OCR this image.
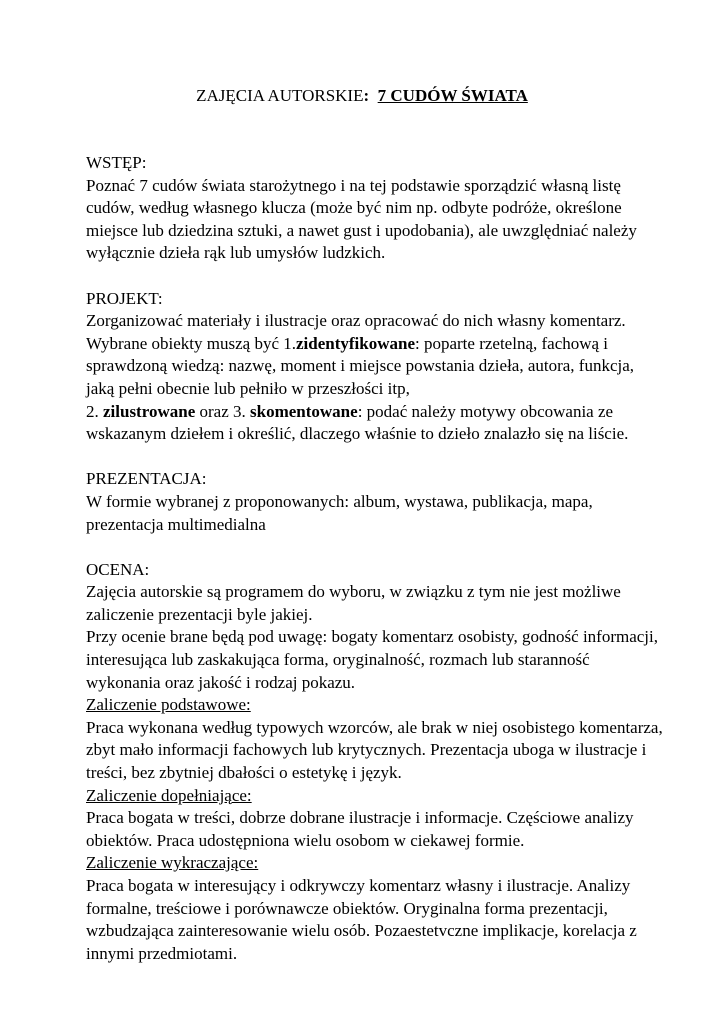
ZAJĘCIA AUTORSKIE: 7 CUDÓW ŚWIATA

WSTĘP:

Poznać 7 cudów świata starożytnego i na tej podstawie sporządzić własną listę cudów, według własnego klucza (może być nim np. odbyte podróże, określone miejsce lub dziedzina sztuki, a nawet gust i upodobania), ale uwzględniać należy wyłącznie dzieła rąk lub umysłów ludzkich.

PROJEKT:

Zorganizować materiały i ilustracje oraz opracować do nich własny komentarz.

Wybrane obiekty muszą być 1.zidentyfikowane: poparte rzetelną, fachową i sprawdzoną wiedzą: nazwę, moment i miejsce powstania dzieła, autora, funkcja, jaką pełni obecnie lub pełniło w przeszłości itp,

2. zilustrowane oraz 3. skomentowane: podać należy motywy obcowania ze wskazanym dziełem i określić, dlaczego właśnie to dzieło znalazło się na liście.

PREZENTACJA:

W formie wybranej z proponowanych: album, wystawa, publikacja, mapa, prezentacja multimedialna

OCENA:

Zajęcia autorskie są programem do wyboru, w związku z tym nie jest możliwe zaliczenie prezentacji byle jakiej.

Przy ocenie brane będą pod uwagę: bogaty komentarz osobisty, godność informacji, interesująca lub zaskakująca forma, oryginalność, rozmach lub staranność wykonania oraz jakość i rodzaj pokazu.

Zaliczenie podstawowe:

Praca wykonana według typowych wzorców, ale brak w niej osobistego komentarza, zbyt mało informacji fachowych lub krytycznych. Prezentacja uboga w ilustracje i treści, bez zbytniej dbałości o estetykę i język.

Zaliczenie dopełniające:

Praca bogata w treści, dobrze dobrane ilustracje i informacje. Częściowe analizy obiektów. Praca udostępniona wielu osobom w ciekawej formie.

Zaliczenie wykraczające:

Praca bogata w interesujący i odkrywczy komentarz własny i ilustracje. Analizy formalne, treściowe i porównawcze obiektów. Oryginalna forma prezentacji, wzbudzająca zainteresowanie wielu osób. Pozaestetvczne implikacje, korelacja z innymi przedmiotami.
